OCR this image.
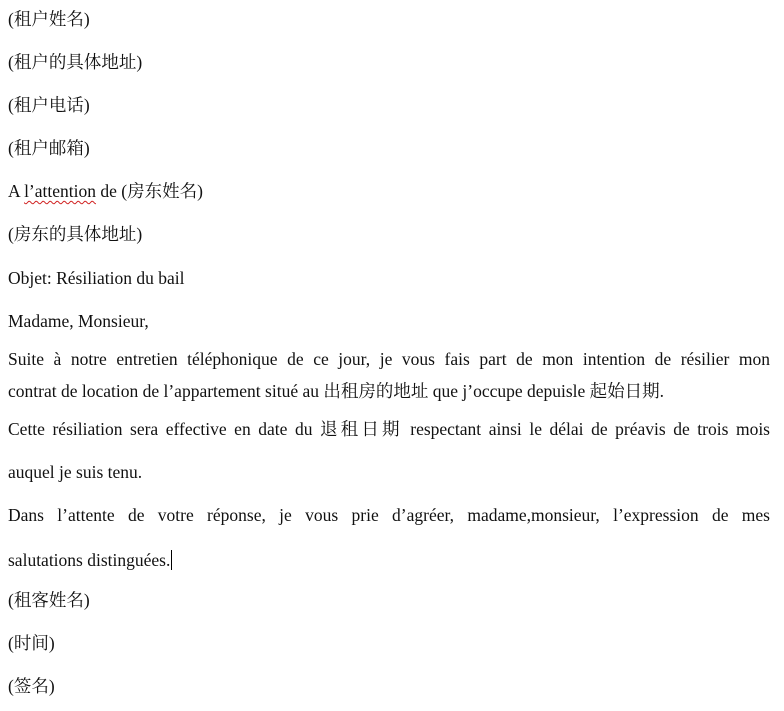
(租户姓名)
(租户的具体地址)
(租户电话)
(租户邮箱)
A l’attention de (房东姓名)
(房东的具体地址)
Objet: Résiliation du bail
Madame, Monsieur,
Suite à notre entretien téléphonique de ce jour, je vous fais part de mon intention de résilier mon
contrat de location de l’appartement situé au 出租房的地址 que j’occupe depuisle 起始日期.
Cette résiliation sera effective en date du 退租日期 respectant ainsi le délai de préavis de trois mois
auquel je suis tenu.
Dans l’attente de votre réponse, je vous prie d’agréer, madame,monsieur, l’expression de mes
salutations distinguées.
(租客姓名)
(时间)
(签名)
